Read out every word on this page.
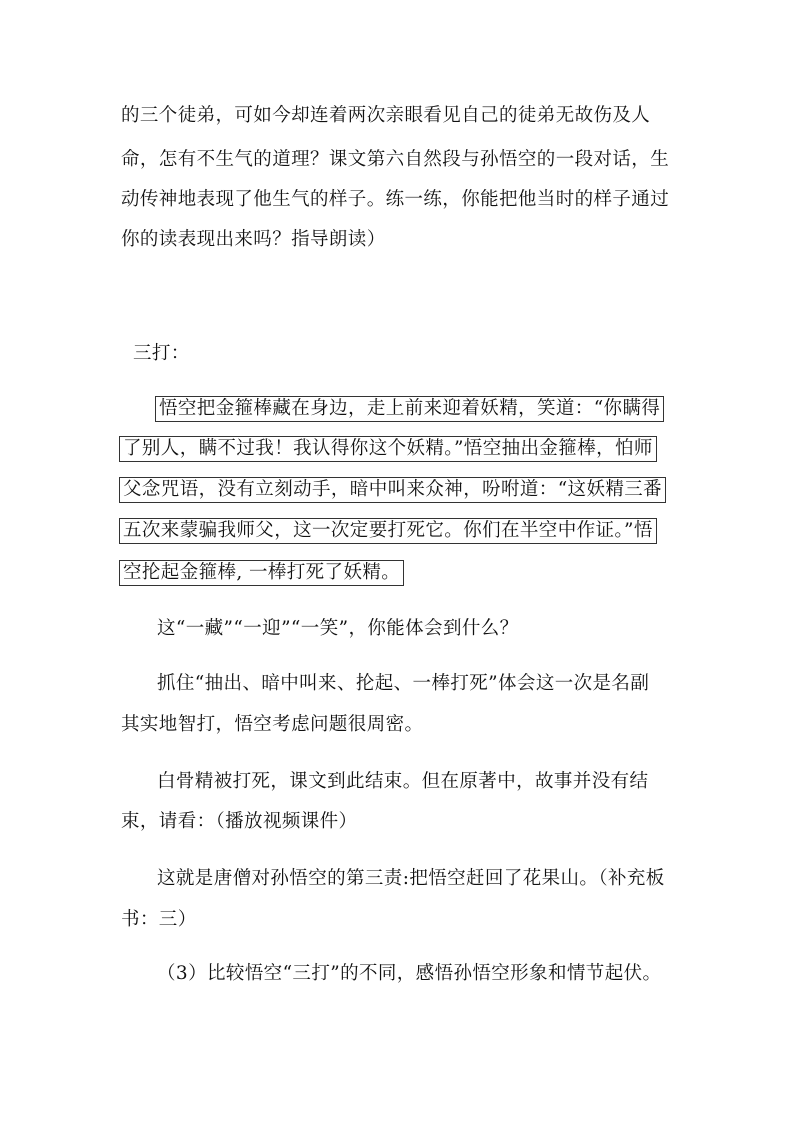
的三个徒弟，可如今却连着两次亲眼看见自己的徒弟无故伤及人
命，怎有不生气的道理？课文第六自然段与孙悟空的一段对话，生
动传神地表现了他生气的样子。练一练，你能把他当时的样子通过
你的读表现出来吗？指导朗读）
三打：
悟空把金箍棒藏在身边，走上前来迎着妖精，笑道：“你瞒得
了别人，瞒不过我！我认得你这个妖精。”悟空抽出金箍棒，怕师
父念咒语，没有立刻动手，暗中叫来众神，吩咐道：“这妖精三番
五次来蒙骗我师父，这一次定要打死它。你们在半空中作证。”悟
空抡起金箍棒, 一棒打死了妖精。
这“一藏”“一迎”“一笑”，你能体会到什么？
抓住“抽出、暗中叫来、抡起、一棒打死”体会这一次是名副
其实地智打，悟空考虑问题很周密。
白骨精被打死，课文到此结束。但在原著中，故事并没有结
束，请看：（播放视频课件）
这就是唐僧对孙悟空的第三责:把悟空赶回了花果山。（补充板
书：三）
（3）比较悟空“三打”的不同，感悟孙悟空形象和情节起伏。
